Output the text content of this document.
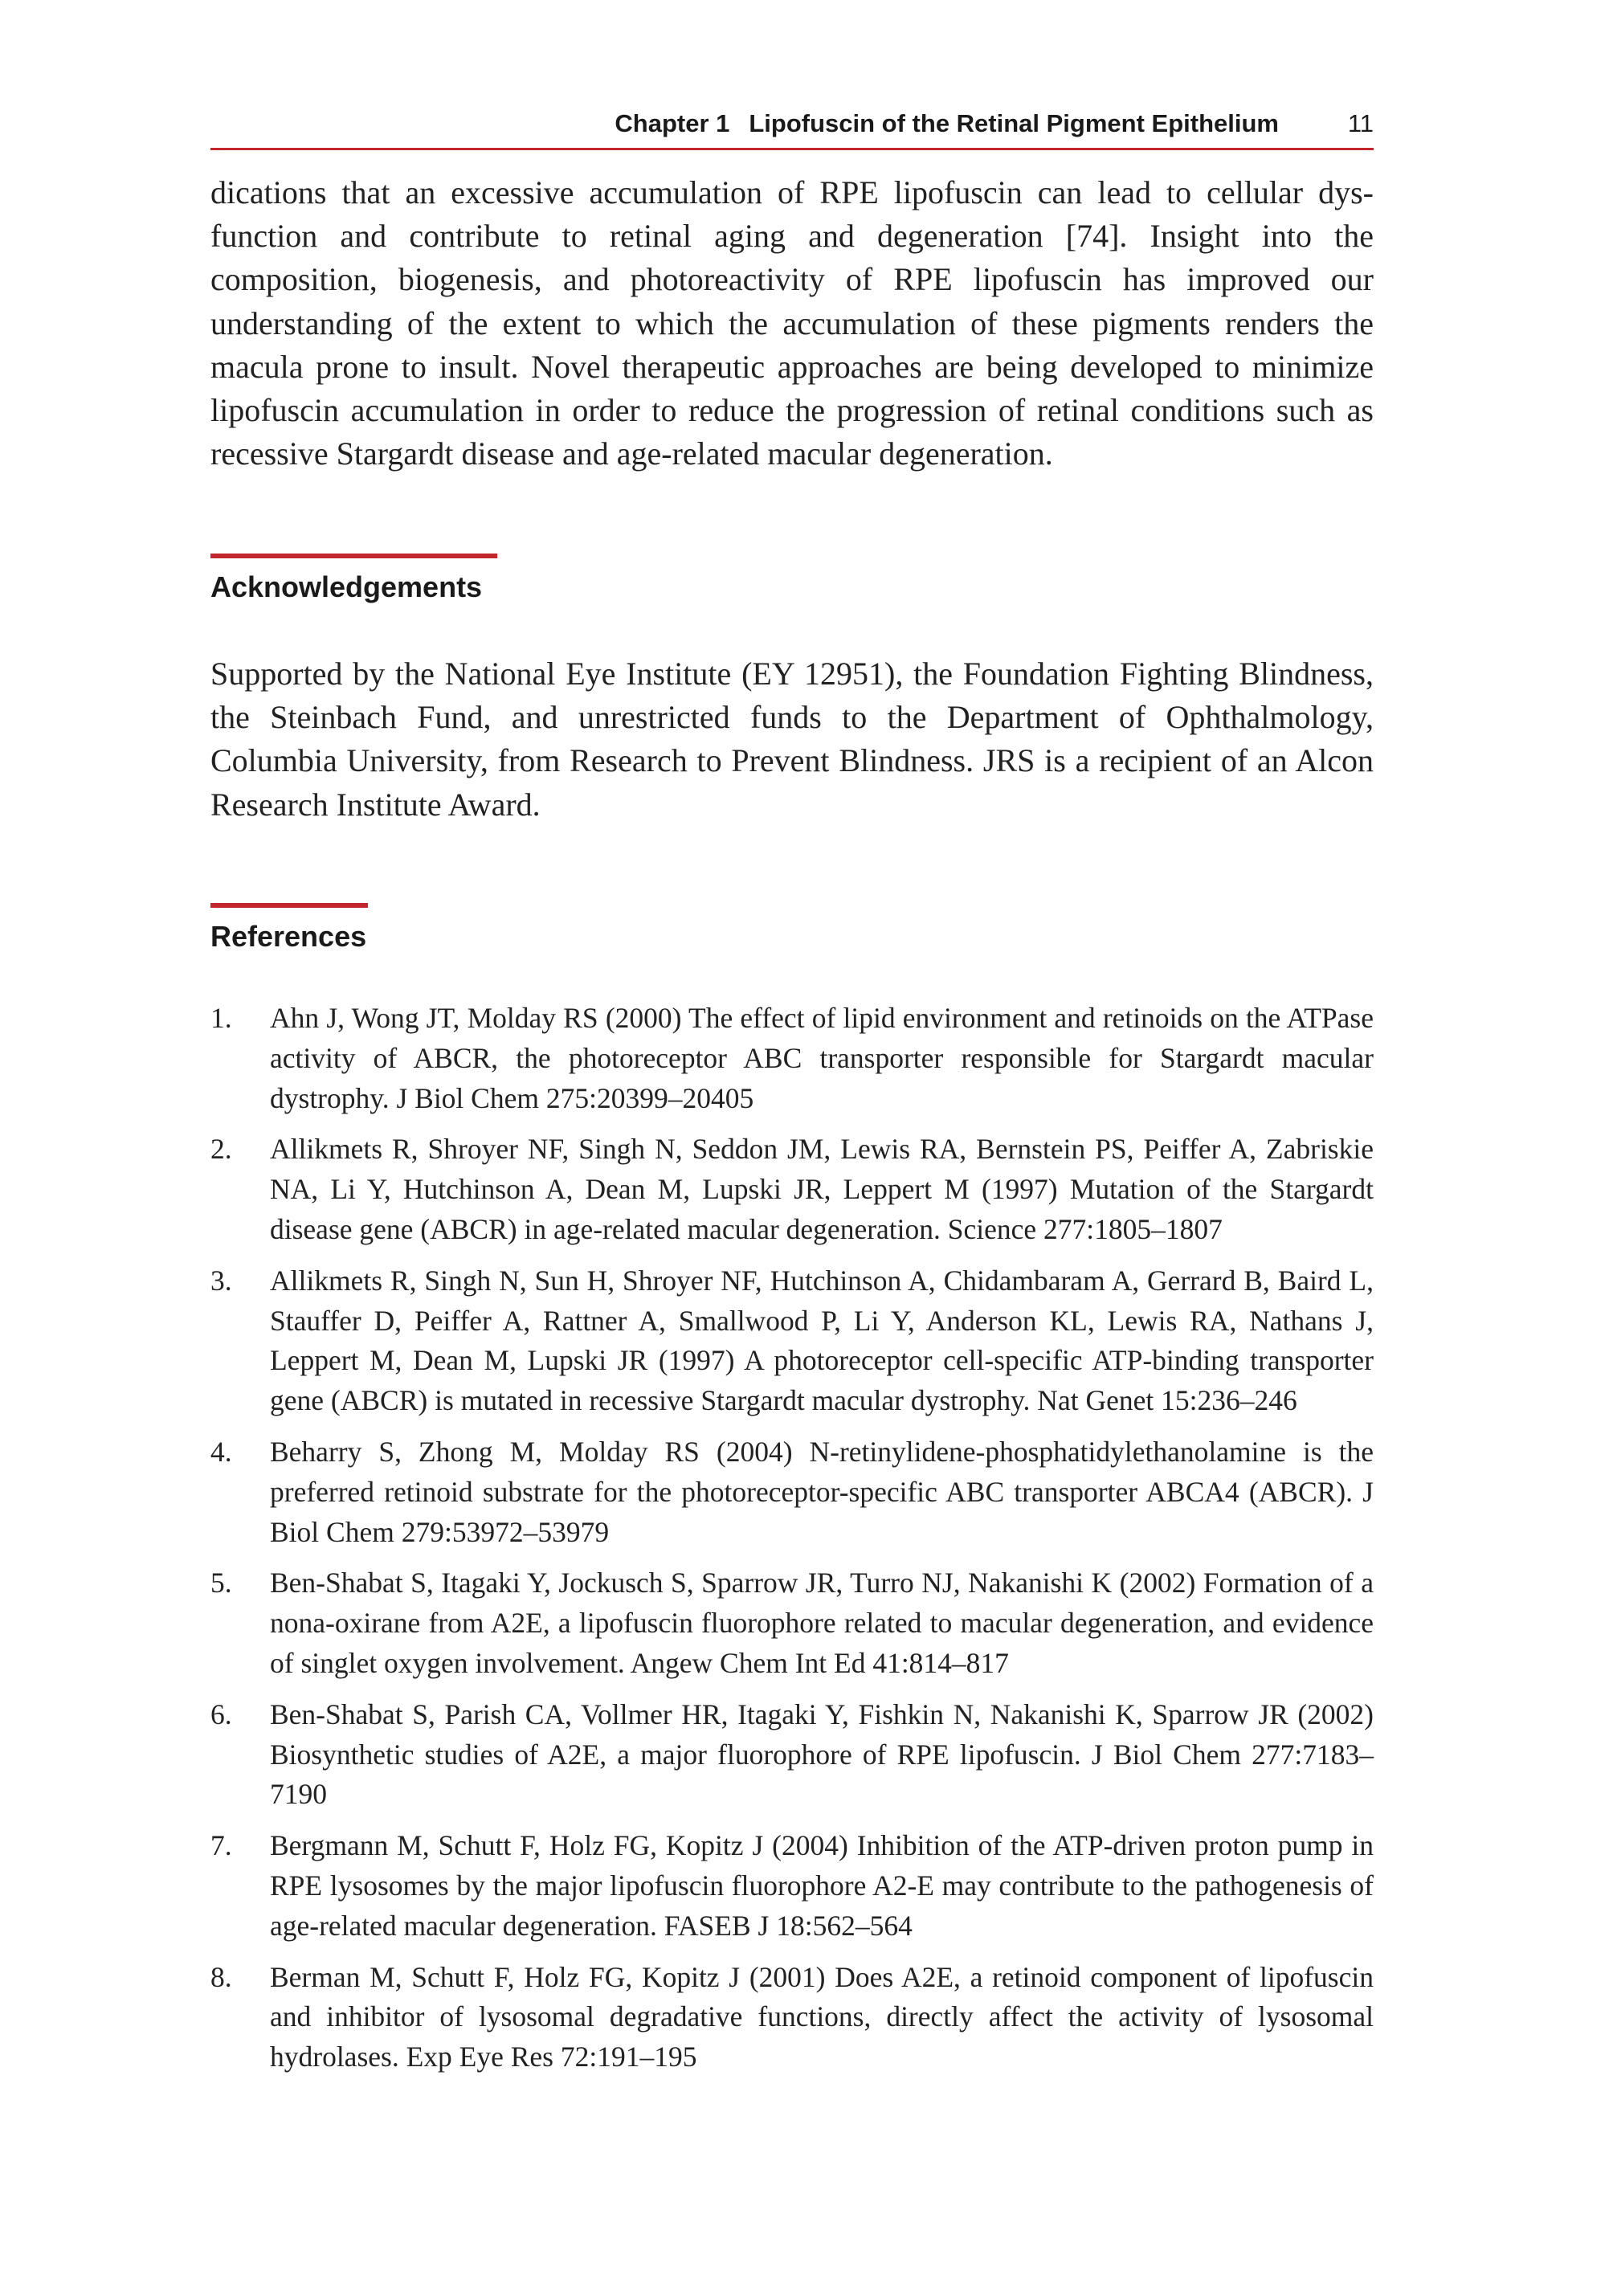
Chapter 1 Lipofuscin of the Retinal Pigment Epithelium	11

dications that an excessive accumulation of RPE lipofuscin can lead to cellular dysfunction and contribute to retinal aging and degeneration [74]. Insight into the composition, biogenesis, and photoreactivity of RPE lipofuscin has improved our understanding of the extent to which the accumulation of these pigments renders the macula prone to insult. Novel therapeutic approaches are being developed to minimize lipofuscin accumulation in order to reduce the progression of retinal conditions such as recessive Stargardt disease and age-related macular degeneration.

Acknowledgements

Supported by the National Eye Institute (EY 12951), the Foundation Fighting Blindness, the Steinbach Fund, and unrestricted funds to the Department of Ophthalmology, Columbia University, from Research to Prevent Blindness. JRS is a recipient of an Alcon Research Institute Award.

References
1. Ahn J, Wong JT, Molday RS (2000) The effect of lipid environment and retinoids on the ATPase activity of ABCR, the photoreceptor ABC transporter responsible for Stargardt macular dystrophy. J Biol Chem 275:20399–20405
2. Allikmets R, Shroyer NF, Singh N, Seddon JM, Lewis RA, Bernstein PS, Peiffer A, Zabriskie NA, Li Y, Hutchinson A, Dean M, Lupski JR, Leppert M (1997) Mutation of the Stargardt disease gene (ABCR) in age-related macular degeneration. Science 277:1805–1807
3. Allikmets R, Singh N, Sun H, Shroyer NF, Hutchinson A, Chidambaram A, Gerrard B, Baird L, Stauffer D, Peiffer A, Rattner A, Smallwood P, Li Y, Anderson KL, Lewis RA, Nathans J, Leppert M, Dean M, Lupski JR (1997) A photoreceptor cell-specific ATP-binding transporter gene (ABCR) is mutated in recessive Stargardt macular dystrophy. Nat Genet 15:236–246
4. Beharry S, Zhong M, Molday RS (2004) N-retinylidene-phosphatidylethanolamine is the preferred retinoid substrate for the photoreceptor-specific ABC transporter ABCA4 (ABCR). J Biol Chem 279:53972–53979
5. Ben-Shabat S, Itagaki Y, Jockusch S, Sparrow JR, Turro NJ, Nakanishi K (2002) Formation of a nona-oxirane from A2E, a lipofuscin fluorophore related to macular degeneration, and evidence of singlet oxygen involvement. Angew Chem Int Ed 41:814–817
6. Ben-Shabat S, Parish CA, Vollmer HR, Itagaki Y, Fishkin N, Nakanishi K, Sparrow JR (2002) Biosynthetic studies of A2E, a major fluorophore of RPE lipofuscin. J Biol Chem 277:7183–7190
7. Bergmann M, Schutt F, Holz FG, Kopitz J (2004) Inhibition of the ATP-driven proton pump in RPE lysosomes by the major lipofuscin fluorophore A2-E may contribute to the pathogenesis of age-related macular degeneration. FASEB J 18:562–564
8. Berman M, Schutt F, Holz FG, Kopitz J (2001) Does A2E, a retinoid component of lipofuscin and inhibitor of lysosomal degradative functions, directly affect the activity of lysosomal hydrolases. Exp Eye Res 72:191–195
